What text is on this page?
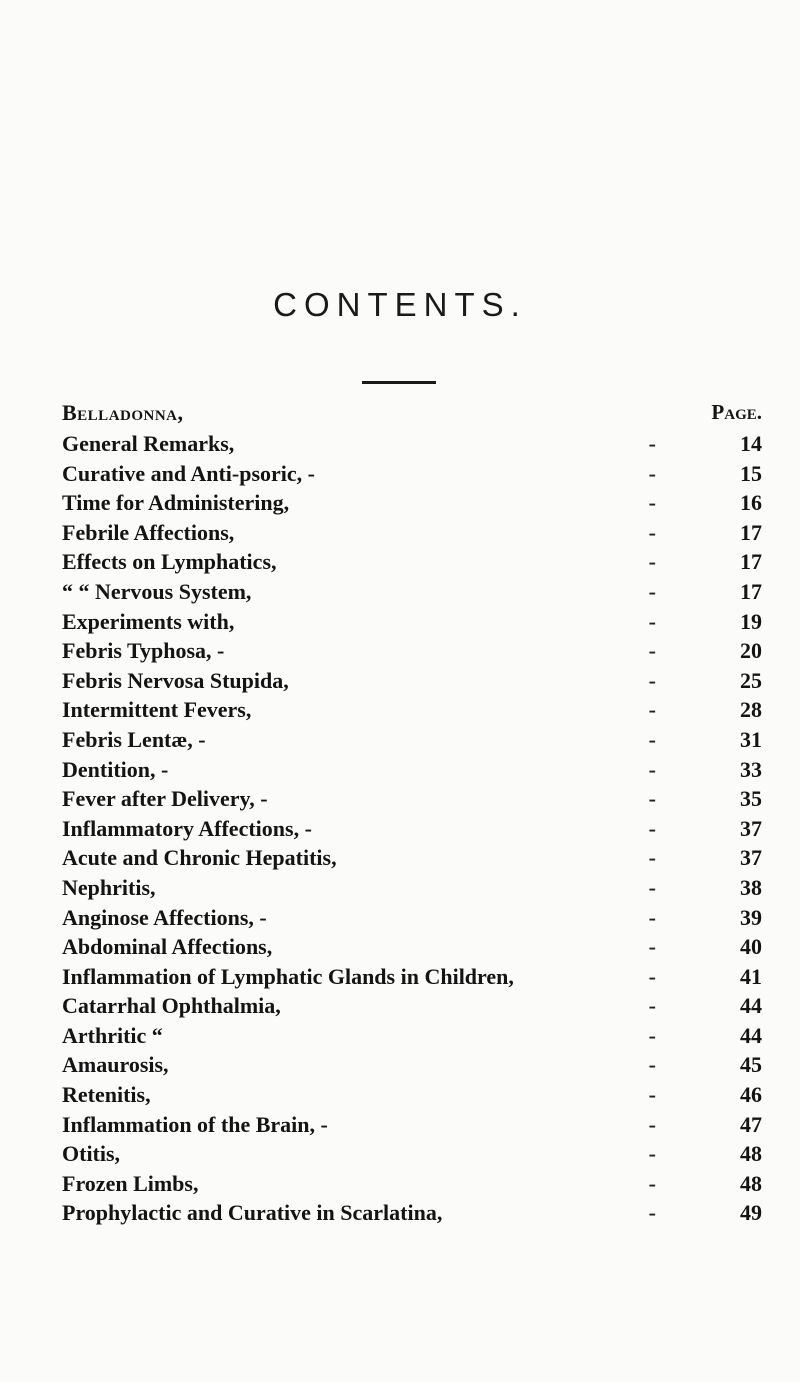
CONTENTS.
Belladonna,	Page.
-
General Remarks,	14
-
Curative and Anti-psoric, -	15
-
Time for Administering,	16
-
Febrile Affections,	17
-
Effects on Lymphatics,	17
-
“ “ Nervous System,	17
-
Experiments with,	19
-
Febris Typhosa, -	20
-
Febris Nervosa Stupida,	25
-
Intermittent Fevers,	28
-
Febris Lentæ, -	31
-
Dentition, -	33
-
Fever after Delivery, -	35
-
Inflammatory Affections, -	37
-
Acute and Chronic Hepatitis,	37
-
Nephritis,	38
-
Anginose Affections, -	39
-
Abdominal Affections,	40
-
Inflammation of Lymphatic Glands in Children,	41
-
Catarrhal Ophthalmia,	44
-
Arthritic “	44
-
Amaurosis,	45
-
Retenitis,	46
-
Inflammation of the Brain, -	47
-
Otitis,	48
-
Frozen Limbs,	48
-
Prophylactic and Curative in Scarlatina,	49
